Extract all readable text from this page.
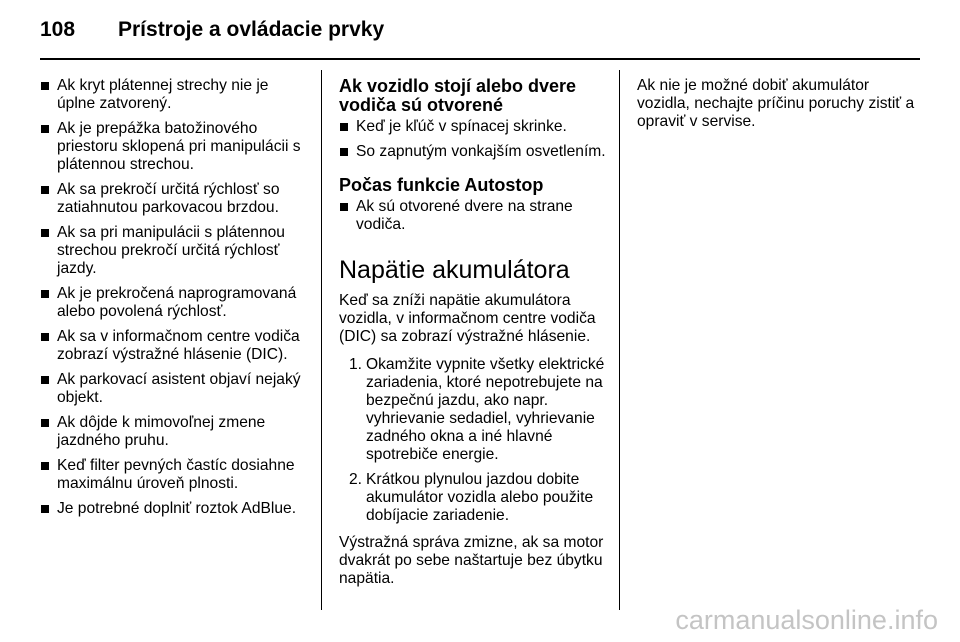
108 Prístroje a ovládacie prvky
Ak kryt plátennej strechy nie je úplne zatvorený.
Ak je prepážka batožinového priestoru sklopená pri manipulácii s plátennou strechou.
Ak sa prekročí určitá rýchlosť so zatiahnutou parkovacou brzdou.
Ak sa pri manipulácii s plátennou strechou prekročí určitá rýchlosť jazdy.
Ak je prekročená naprogramovaná alebo povolená rýchlosť.
Ak sa v informačnom centre vodiča zobrazí výstražné hlásenie (DIC).
Ak parkovací asistent objaví nejaký objekt.
Ak dôjde k mimovoľnej zmene jazdného pruhu.
Keď filter pevných častíc dosiahne maximálnu úroveň plnosti.
Je potrebné doplniť roztok AdBlue.
Ak vozidlo stojí alebo dvere vodiča sú otvorené
Keď je kľúč v spínacej skrinke.
So zapnutým vonkajším osvetlením.
Počas funkcie Autostop
Ak sú otvorené dvere na strane vodiča.
Napätie akumulátora

Keď sa zníži napätie akumulátora vozidla, v informačnom centre vodiča (DIC) sa zobrazí výstražné hlásenie.

1. Okamžite vypnite všetky elektrické zariadenia, ktoré nepotrebujete na bezpečnú jazdu, ako napr. vyhrievanie sedadiel, vyhrievanie zadného okna a iné hlavné spotrebiče energie.
2. Krátkou plynulou jazdou dobite akumulátor vozidla alebo použite dobíjacie zariadenie.

Výstražná správa zmizne, ak sa motor dvakrát po sebe naštartuje bez úbytku napätia.

Ak nie je možné dobiť akumulátor vozidla, nechajte príčinu poruchy zistiť a opraviť v servise.

carmanualsonline.info
